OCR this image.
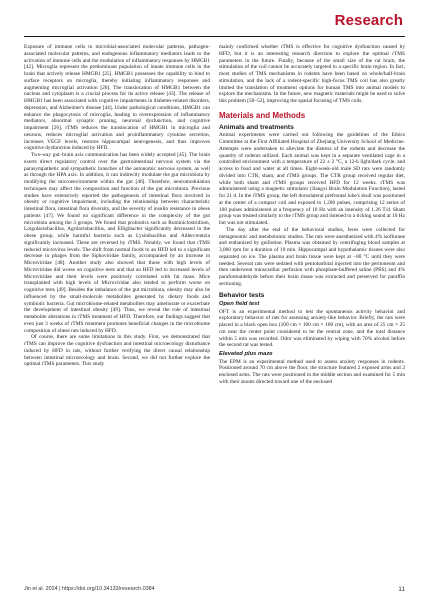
Research

Exposure of immune cells to microbial-associated molecular patterns, pathogen-associated molecular patterns, and endogenous inflammatory mediators leads to the activation of immune cells and the modulation of inflammatory responses by HMGB1 [42]. Microglia represent the predominant population of innate immune cells in the brain that actively release HMGB1 [25]. HMGB1 possesses the capability to bind to surface receptors on microglia, thereby initiating inflammatory responses and augmenting microglial activation [26]. The translocation of HMGB1 between the nucleus and cytoplasm is a crucial process for its active release [43]. The release of HMGB1 has been associated with cognitive impairments in diabetes-related disorders, depression, and Alzheimer's disease [44]. Under pathological conditions, HMGB1 can enhance the phagocytosis of microglia, leading to overexpression of inflammatory mediators, abnormal synaptic pruning, neuronal dysfunction, and cognitive impairment [26]. rTMS reduces the translocation of HMGB1 in microglia and neurons, reduces microglial activation and proinflammatory cytokine secretion, increases VEGF levels, restores hippocampal neurogenesis, and thus improves cognitive dysfunction induced by HFD.

Two-way gut–brain axis communication has been widely accepted [45]. The brain exerts direct regulatory control over the gastrointestinal nervous system via the parasympathetic and sympathetic branches of the autonomic nervous system, as well as through the HPA axis. In addition, it can indirectly modulate the gut microbiota by modifying the microenvironment within the gut [46]. Therefore, neuromodulation techniques may affect the composition and function of the gut microbiota. Previous studies have extensively reported the pathogenesis of intestinal flora involved in obesity or cognitive impairment, including the relationship between characteristic intestinal flora, intestinal flora diversity, and the severity of insulin resistance in obese patients [47]. We found no significant difference in the complexity of the gut microbiota among the 3 groups. We found that probiotics such as Ruminiclostridium, Loigolactobacillus, Agrilactobacillus, and Elligibacter significantly decreased in the obese group, while harmful bacteria such as Lysinibacillus and Adlercreutzia significantly increased. These are reversed by rTMS. Notably, we found that rTMS reduced microvirus levels. The shift from normal foods to an HFD led to a significant decrease in phages from the Siphoviridae family, accompanied by an increase in Microviridae [48]. Another study also showed that those with high levels of Microviridae did worse on cognitive tests and that an HFD led to increased levels of Microviridae and their levels were positively correlated with fat mass. Mice transplanted with high levels of Microviridae also tended to perform worse on cognitive tests [49]. Besides the imbalance of the gut microbiota, obesity may also be influenced by the small-molecule metabolites generated by dietary foods and symbiotic bacteria. Gut microbiome-related metabolites may ameliorate or exacerbate the development of intestinal obesity [49]. Thus, we reveal the role of intestinal metabolite alterations in rTMS treatment of HFD. Therefore, our findings suggest that even just 3 weeks of rTMS treatment promotes beneficial changes in the microbiome composition of obese rats induced by HFD.

Of course, there are some limitations to this study. First, we demonstrated that rTMS can improve the cognitive dysfunction and intestinal microecology disturbance induced by HFD in rats, without further verifying the direct causal relationship between intestinal microecology and brain. Second, we did not further explore the optimal rTMS parameters. This study

mainly confirmed whether rTMS is effective for cognitive dysfunction caused by HFD, but it is an interesting research direction to explore the optimal rTMS parameters in the future. Finally, because of the small size of the rat brain, the stimulation of the coil cannot be accurately targeted to a specific brain region. In fact, most studies of TMS mechanisms in rodents have been based on whole/half-brain stimulation, and the lack of a rodent-specific high-focus TMS coil has also greatly limited the translation of treatment options for human TMS into animal models to explore the mechanisms. In the future, new magnetic materials might be used to solve this problem [50–52], improving the spatial focusing of TMS coils.

Materials and Methods
Animals and treatments

Animal experiments were carried out following the guidelines of the Ethics Committee at the First Affiliated Hospital of Zhejiang University School of Medicine. Attempts were undertaken to alleviate the distress of the rodents and decrease the quantity of rodents utilized. Each animal was kept in a separate ventilated cage in a controlled environment with a temperature of 22 ± 2 °C, a 12-h light/dark cycle, and access to food and water at all times. Eight-week-old male SD rats were randomly divided into CTR, sham, and rTMS groups. The CTR group received regular diet, while both sham and rTMS groups received HFD for 12 weeks. rTMS was administered using a magnetic stimulator (Jiangxi Brain Modulation Function), lasted for 21 d. In the rTMS group, the left dorsolateral prefrontal lobe's skull was positioned at the center of a compact coil and exposed to 1,200 pulses, comprising 12 series of 100 pulses administered at a frequency of 10 Hz with an intensity of 1.26 T/d. Sham group was treated similarly to the rTMS group and listened to a ticking sound at 10 Hz but was not stimulated.

The day after the end of the behavioral studies, feces were collected for metagenomic and metabolomic studies. The rats were anesthetized with 4% isoflurane and euthanized by guillotine. Plasma was obtained by centrifuging blood samples at 3,000 rpm for a duration of 10 min. Hippocampal and hypothalamic tissues were also separated on ice. The plasma and brain tissue were kept at −80 °C until they were needed. Several rats were sedated with pentobarbital injected into the peritoneum and then underwent transcardiac perfusion with phosphate-buffered saline (PBS) and 4% paraformaldehyde before their brain tissue was extracted and preserved for paraffin sectioning.

Behavior tests
Open field test

OFT is an experimental method to test the spontaneous activity behavior and exploratory behavior of rats for assessing anxiety-like behavior. Briefly, the rats were placed in a black open box (100 cm × 100 cm × 100 cm), with an area of 25 cm × 25 cm near the center point considered to be the central zone, and the total distance within 5 min was recorded. Odor was eliminated by wiping with 70% alcohol before the second rat was tested.

Elevated plus maze

The EPM is an experimental method used to assess anxiety responses in rodents. Positioned around 70 cm above the floor, the structure featured 2 exposed arms and 2 enclosed arms. The rats were positioned in the middle section and examined for 5 min with their snouts directed toward one of the enclosed

Jin et al. 2024 | https://doi.org/10.34133/research.0384	11
